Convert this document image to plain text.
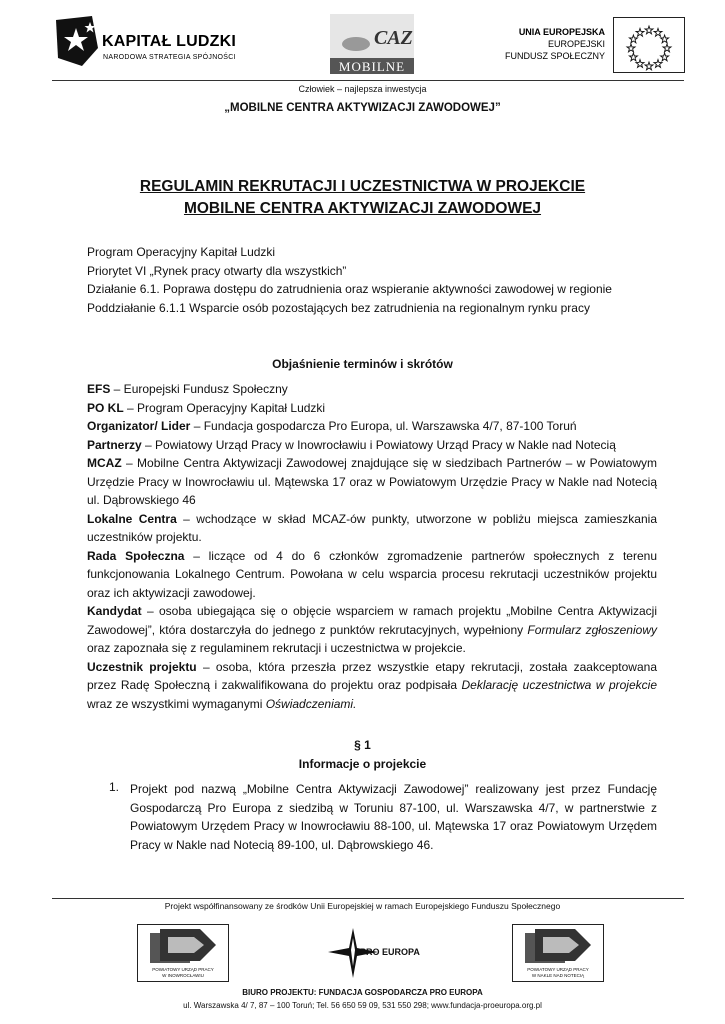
KAPITAŁ LUDZKI
NARODOWA STRATEGIA SPÓJNOŚCI
CAZ
MOBILNE
UNIA EUROPEJSKA
EUROPEJSKI
FUNDUSZ SPOŁECZNY
Człowiek – najlepsza inwestycja
„MOBILNE CENTRA AKTYWIZACJI ZAWODOWEJ”
REGULAMIN REKRUTACJI I UCZESTNICTWA W PROJEKCIE
MOBILNE CENTRA AKTYWIZACJI ZAWODOWEJ

Program Operacyjny Kapitał Ludzki

Priorytet VI „Rynek pracy otwarty dla wszystkich”

Działanie 6.1. Poprawa dostępu do zatrudnienia oraz wspieranie aktywności zawodowej w regionie

Poddziałanie 6.1.1 Wsparcie osób pozostających bez zatrudnienia na regionalnym rynku pracy

Objaśnienie terminów i skrótów

EFS – Europejski Fundusz Społeczny

PO KL – Program Operacyjny Kapitał Ludzki

Organizator/ Lider – Fundacja gospodarcza Pro Europa, ul. Warszawska 4/7, 87-100 Toruń

Partnerzy – Powiatowy Urząd Pracy w Inowrocławiu i Powiatowy Urząd Pracy w Nakle nad Notecią

MCAZ – Mobilne Centra Aktywizacji Zawodowej znajdujące się w siedzibach Partnerów – w Powiatowym Urzędzie Pracy w Inowrocławiu ul. Mątewska 17 oraz w Powiatowym Urzędzie Pracy w Nakle nad Notecią ul. Dąbrowskiego 46

Lokalne Centra – wchodzące w skład MCAZ-ów punkty, utworzone w pobliżu miejsca zamieszkania uczestników projektu.

Rada Społeczna – liczące od 4 do 6 członków zgromadzenie partnerów społecznych z terenu funkcjonowania Lokalnego Centrum. Powołana w celu wsparcia procesu rekrutacji uczestników projektu oraz ich aktywizacji zawodowej.

Kandydat – osoba ubiegająca się o objęcie wsparciem w ramach projektu „Mobilne Centra Aktywizacji Zawodowej”, która dostarczyła do jednego z punktów rekrutacyjnych, wypełniony Formularz zgłoszeniowy oraz zapoznała się z regulaminem rekrutacji i uczestnictwa w projekcie.

Uczestnik projektu – osoba, która przeszła przez wszystkie etapy rekrutacji, została zaakceptowana przez Radę Społeczną i zakwalifikowana do projektu oraz podpisała Deklarację uczestnictwa w projekcie wraz ze wszystkimi wymaganymi Oświadczeniami.

§ 1
Informacje o projekcie
1. Projekt pod nazwą „Mobilne Centra Aktywizacji Zawodowej” realizowany jest przez Fundację Gospodarczą Pro Europa z siedzibą w Toruniu 87-100, ul. Warszawska 4/7, w partnerstwie z Powiatowym Urzędem Pracy w Inowrocławiu 88-100, ul. Mątewska 17 oraz Powiatowym Urzędem Pracy w Nakle nad Notecią 89-100, ul. Dąbrowskiego 46.
Projekt współfinansowany ze środków Unii Europejskiej w ramach Europejskiego Funduszu Społecznego
POWIATOWY URZĄD PRACY
W INOWROCŁAWIU
PRO EUROPA
POWIATOWY URZĄD PRACY
W NAKLE NAD NOTECIĄ
BIURO PROJEKTU: FUNDACJA GOSPODARCZA PRO EUROPA
ul. Warszawska 4/ 7, 87 – 100 Toruń; Tel. 56 650 59 09, 531 550 298; www.fundacja-proeuropa.org.pl
